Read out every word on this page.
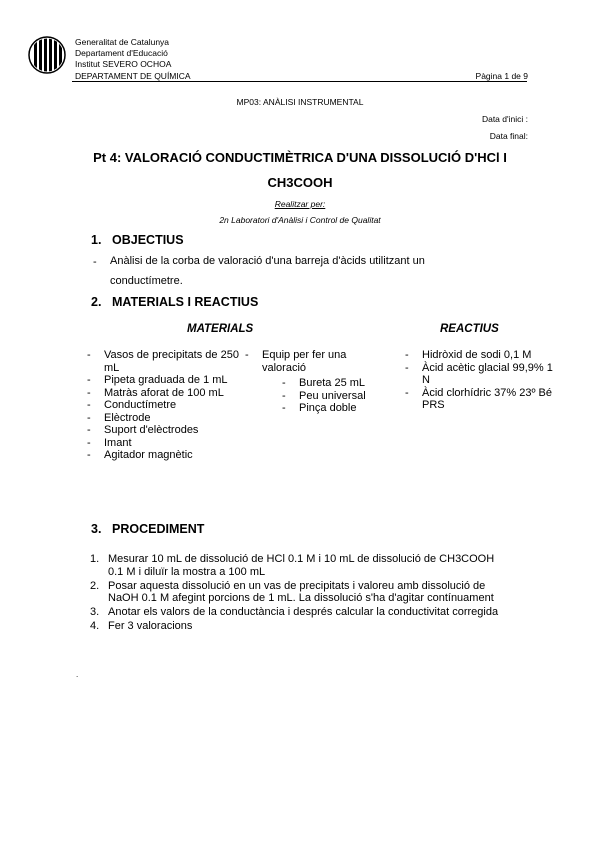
Generalitat de Catalunya
Departament d'Educació
Institut SEVERO OCHOA
DEPARTAMENT DE QUÍMICA	Pàgina 1 de 9
MP03: ANÀLISI INSTRUMENTAL
Data d'inici :
Data final:
Pt 4: VALORACIÓ CONDUCTIMÈTRICA D'UNA DISSOLUCIÓ D'HCl I
CH3COOH
Realitzar per:
2n Laboratori d'Anàlisi i Control de Qualitat
1. OBJECTIUS
- Anàlisi de la corba de valoració d'una barreja d'àcids utilitzant un conductímetre.
2. MATERIALS I REACTIUS
MATERIALS	REACTIUS
- Vasos de precipitats de 250 mL
- Pipeta graduada de 1 mL
- Matràs aforat de 100 mL
- Conductímetre
- Elèctrode
- Suport d'elèctrodes
- Imant
- Agitador magnètic
- Equip per fer una valoració
- Bureta 25 mL
- Peu universal
- Pinça doble
- Hidròxid de sodi 0,1 M
- Àcid acètic glacial 99,9% 1 N
- Àcid clorhídric 37% 23º Bé PRS
3. PROCEDIMENT
1. Mesurar 10 mL de dissolució de HCl 0.1 M i 10 mL de dissolució de CH3COOH 0.1 M i diluïr la mostra a 100 mL
2. Posar aquesta dissolució en un vas de precipitats i valoreu amb dissolució de NaOH 0.1 M afegint porcions de 1 mL. La dissolució s'ha d'agitar contínuament
3. Anotar els valors de la conductància i després calcular la conductivitat corregida
4. Fer 3 valoracions
.
